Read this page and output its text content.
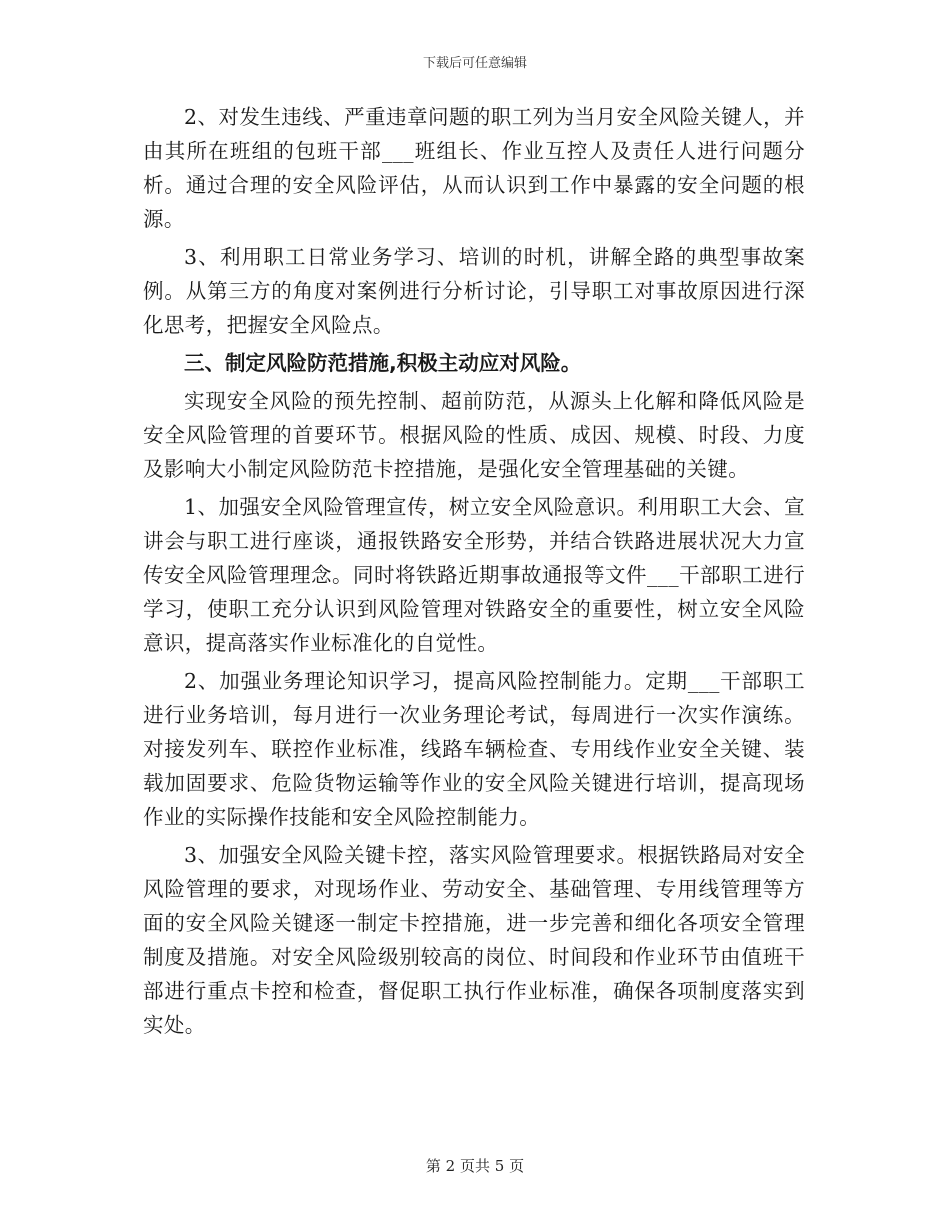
下载后可任意编辑

2、对发生违线、严重违章问题的职工列为当月安全风险关键人，并由其所在班组的包班干部___班组长、作业互控人及责任人进行问题分析。通过合理的安全风险评估，从而认识到工作中暴露的安全问题的根源。

3、利用职工日常业务学习、培训的时机，讲解全路的典型事故案例。从第三方的角度对案例进行分析讨论，引导职工对事故原因进行深化思考，把握安全风险点。

三、制定风险防范措施,积极主动应对风险。

实现安全风险的预先控制、超前防范，从源头上化解和降低风险是安全风险管理的首要环节。根据风险的性质、成因、规模、时段、力度及影响大小制定风险防范卡控措施，是强化安全管理基础的关键。

1、加强安全风险管理宣传，树立安全风险意识。利用职工大会、宣讲会与职工进行座谈，通报铁路安全形势，并结合铁路进展状况大力宣传安全风险管理理念。同时将铁路近期事故通报等文件___干部职工进行学习，使职工充分认识到风险管理对铁路安全的重要性，树立安全风险意识，提高落实作业标准化的自觉性。

2、加强业务理论知识学习，提高风险控制能力。定期___干部职工进行业务培训，每月进行一次业务理论考试，每周进行一次实作演练。对接发列车、联控作业标准，线路车辆检查、专用线作业安全关键、装载加固要求、危险货物运输等作业的安全风险关键进行培训，提高现场作业的实际操作技能和安全风险控制能力。

3、加强安全风险关键卡控，落实风险管理要求。根据铁路局对安全风险管理的要求，对现场作业、劳动安全、基础管理、专用线管理等方面的安全风险关键逐一制定卡控措施，进一步完善和细化各项安全管理制度及措施。对安全风险级别较高的岗位、时间段和作业环节由值班干部进行重点卡控和检查，督促职工执行作业标准，确保各项制度落实到实处。

第 2 页共 5 页
